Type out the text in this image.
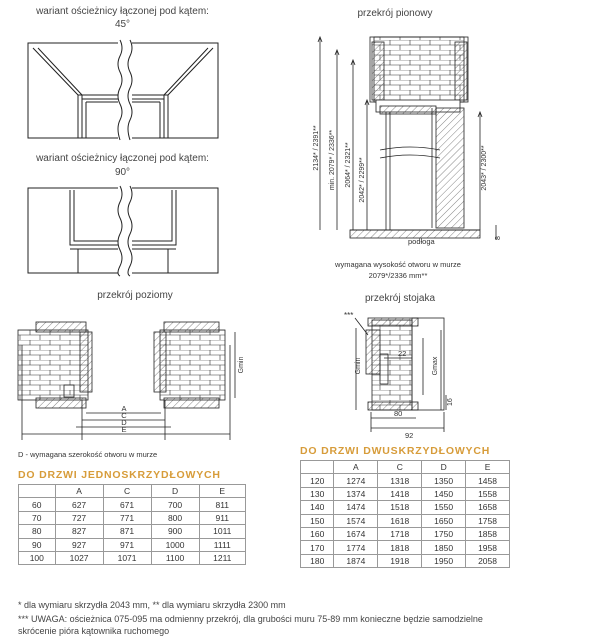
wariant ościeżnicy łączonej pod kątem:
45°
wariant ościeżnicy łączonej pod kątem:
90°
przekrój pionowy
przekrój poziomy	przekrój stojaka
2134* / 2391** min. 2079* / 2336** 2064* / 2321** 2042* / 2299**	2043* / 2300**
podłoga	8
wymagana wysokość otworu w murze
2079*/2336 mm**
A
C
D
E
Gmin
D - wymagana szerokość otworu w murze
***
22
16
80
92
Gmin	Gmax
DO DRZWI JEDNOSKRZYDŁOWYCH
	A	C	D	E
60	627	671	700	811
70	727	771	800	911
80	827	871	900	1011
90	927	971	1000	1111
100	1027	1071	1100	1211
DO DRZWI DWUSKRZYDŁOWYCH
	A	C	D	E
120	1274	1318	1350	1458
130	1374	1418	1450	1558
140	1474	1518	1550	1658
150	1574	1618	1650	1758
160	1674	1718	1750	1858
170	1774	1818	1850	1958
180	1874	1918	1950	2058
* dla wymiaru skrzydła 2043 mm, ** dla wymiaru skrzydła 2300 mm
*** UWAGA: ościeżnica 075-095 ma odmienny przekrój, dla grubości muru 75-89 mm konieczne będzie samodzielne
skrócenie pióra kątownika ruchomego
